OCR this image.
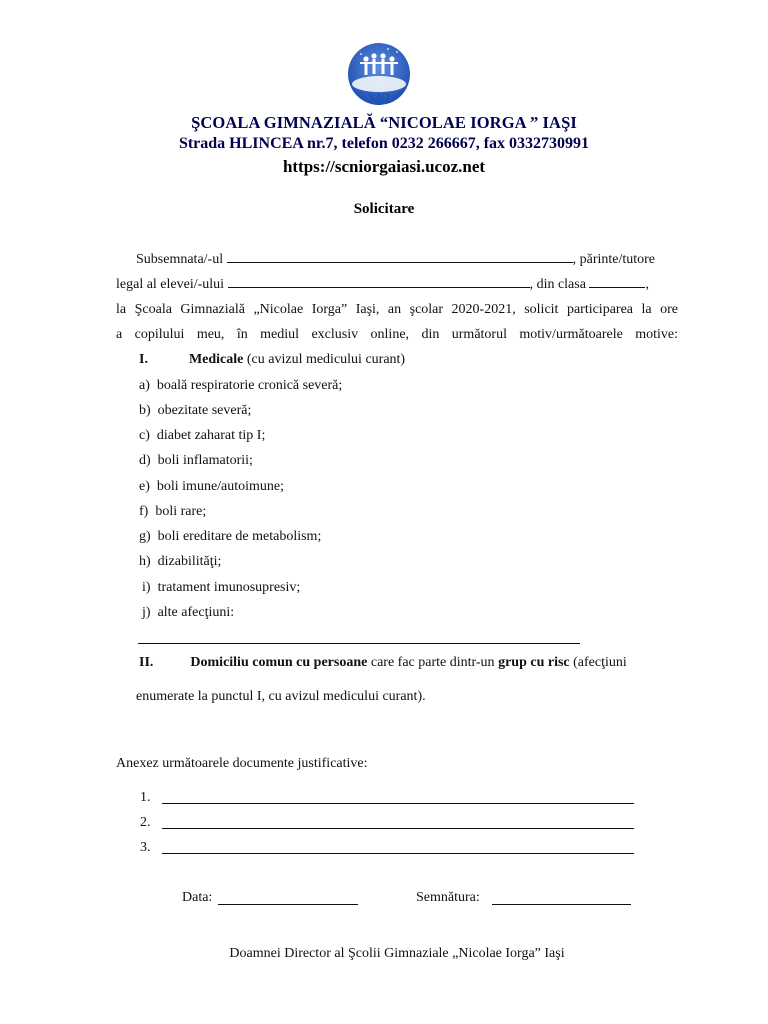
SNI
ŞCOALA GIMNAZIALĂ “NICOLAE IORGA ” IAŞI
Strada HLINCEA nr.7, telefon 0232 266667, fax 0332730991
https://scniorgaiasi.ucoz.net
Solicitare
Subsemnata/-ul	, părinte/tutore
legal al elevei/-ului	, din clasa	,
la Şcoala Gimnazială „Nicolae Iorga” Iaşi, an şcolar 2020-2021, solicit participarea la ore
a copilului meu, în mediul exclusiv online, din următorul motiv/următoarele motive:
I.	Medicale (cu avizul medicului curant)
a) boală respiratorie cronică severă;
b) obezitate severă;
c) diabet zaharat tip I;
d) boli inflamatorii;
e) boli imune/autoimune;
f) boli rare;
g) boli ereditare de metabolism;
h) dizabilităţi;
i) tratament imunosupresiv;
j) alte afecţiuni:
II.	Domiciliu comun cu persoane care fac parte dintr-un grup cu risc (afecţiuni
enumerate la punctul I, cu avizul medicului curant).
Anexez următoarele documente justificative:
1.
2.
3.
Data:	Semnătura:
Doamnei Director al Şcolii Gimnaziale „Nicolae Iorga” Iaşi
